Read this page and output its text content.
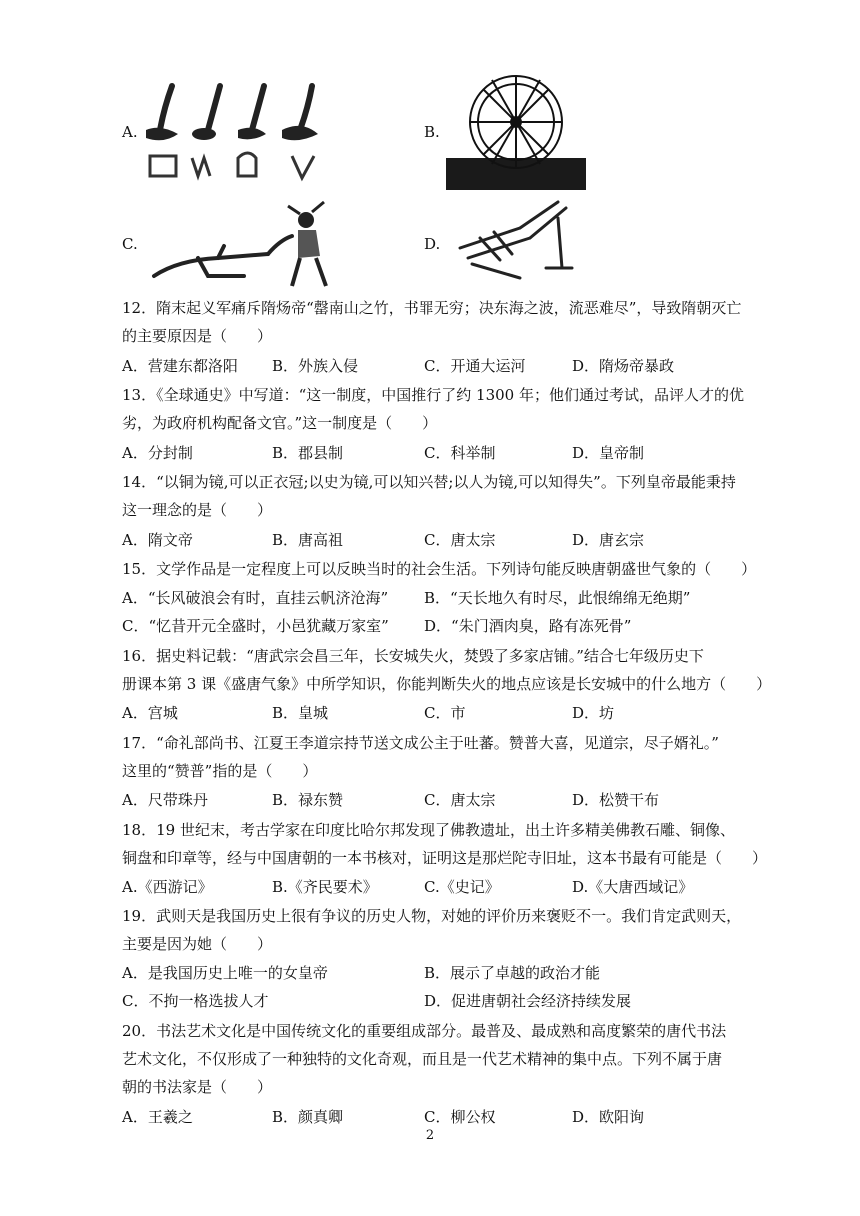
A.	B.
C.	D.
12．隋末起义军痛斥隋炀帝“罄南山之竹，书罪无穷；决东海之波，流恶难尽”，导致隋朝灭亡
的主要原因是（　　）
A．营建东都洛阳 B．外族入侵	C．开通大运河	D．隋炀帝暴政
13．《全球通史》中写道：“这一制度，中国推行了约 1300 年；他们通过考试，品评人才的优
劣，为政府机构配备文官。”这一制度是（　　）
A．分封制	B．郡县制	C．科举制	D．皇帝制
14．“以铜为镜,可以正衣冠;以史为镜,可以知兴替;以人为镜,可以知得失”。下列皇帝最能秉持
这一理念的是（　　）
A．隋文帝	B．唐高祖	C．唐太宗	D．唐玄宗
15．文学作品是一定程度上可以反映当时的社会生活。下列诗句能反映唐朝盛世气象的（　　）
A．“长风破浪会有时，直挂云帆济沧海” B．“天长地久有时尽，此恨绵绵无绝期”
C．“忆昔开元全盛时，小邑犹藏万家室” D．“朱门酒肉臭，路有冻死骨”
16．据史料记载：“唐武宗会昌三年，长安城失火，焚毁了多家店铺。”结合七年级历史下
册课本第 3 课《盛唐气象》中所学知识，你能判断失火的地点应该是长安城中的什么地方（　　）
A．宫城	B．皇城	C．市	D．坊
17．“命礼部尚书、江夏王李道宗持节送文成公主于吐蕃。赞普大喜，见道宗，尽子婿礼。”
这里的“赞普”指的是（　　）
A．尺带珠丹	B．禄东赞	C．唐太宗	D．松赞干布
18．19 世纪末，考古学家在印度比哈尔邦发现了佛教遗址，出土许多精美佛教石雕、铜像、
铜盘和印章等，经与中国唐朝的一本书核对，证明这是那烂陀寺旧址，这本书最有可能是（　　）
A.《西游记》	B.《齐民要术》	C.《史记》	D.《大唐西域记》
19．武则天是我国历史上很有争议的历史人物，对她的评价历来褒贬不一。我们肯定武则天，
主要是因为她（　　）
A．是我国历史上唯一的女皇帝	B．展示了卓越的政治才能
C．不拘一格选拔人才	D．促进唐朝社会经济持续发展
20．书法艺术文化是中国传统文化的重要组成部分。最普及、最成熟和高度繁荣的唐代书法
艺术文化，不仅形成了一种独特的文化奇观，而且是一代艺术精神的集中点。下列不属于唐
朝的书法家是（　　）
A．王羲之	B．颜真卿	C．柳公权	D．欧阳询
2
